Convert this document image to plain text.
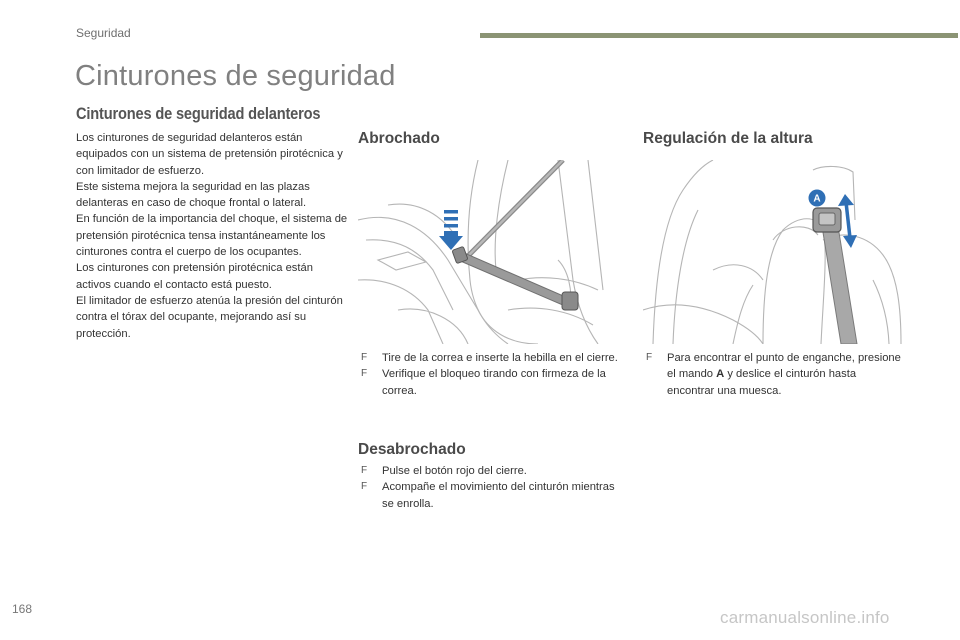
Seguridad
Cinturones de seguridad
Cinturones de seguridad delanteros

Los cinturones de seguridad delanteros están equipados con un sistema de pretensión pirotécnica y con limitador de esfuerzo.

Este sistema mejora la seguridad en las plazas delanteras en caso de choque frontal o lateral.

En función de la importancia del choque, el sistema de pretensión pirotécnica tensa instantáneamente los cinturones contra el cuerpo de los ocupantes.

Los cinturones con pretensión pirotécnica están activos cuando el contacto está puesto.

El limitador de esfuerzo atenúa la presión del cinturón contra el tórax del ocupante, mejorando así su protección.

Abrochado
F Tire de la correa e inserte la hebilla en el cierre.
F Verifique el bloqueo tirando con firmeza de la correa.
Desabrochado
F Pulse el botón rojo del cierre.
F Acompañe el movimiento del cinturón mientras se enrolla.
Regulación de la altura
A
F Para encontrar el punto de enganche, presione el mando A y deslice el cinturón hasta encontrar una muesca.
168	carmanualsonline.info
